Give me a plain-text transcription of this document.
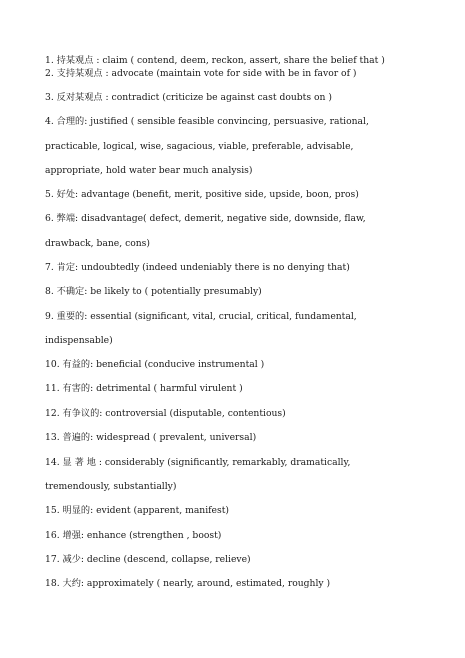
1. 持某观点 : claim ( contend, deem, reckon, assert, share the belief that )
2. 支持某观点 : advocate (maintain vote for side with be in favor of )
3. 反对某观点 : contradict (criticize be against cast doubts on )
4. 合理的: justified ( sensible feasible convincing, persuasive, rational,
practicable, logical, wise, sagacious, viable, preferable, advisable,
appropriate, hold water bear much analysis)
5. 好处: advantage (benefit, merit, positive side, upside, boon, pros)
6. 弊端: disadvantage( defect, demerit, negative side, downside, flaw,
drawback, bane, cons)
7. 肯定: undoubtedly (indeed undeniably there is no denying that)
8. 不确定: be likely to ( potentially presumably)
9. 重要的: essential (significant, vital, crucial, critical, fundamental,
indispensable)
10. 有益的: beneficial (conducive instrumental )
11. 有害的: detrimental ( harmful virulent )
12. 有争议的: controversial (disputable, contentious)
13. 普遍的: widespread ( prevalent, universal)
14. 显 著 地 : considerably (significantly, remarkably, dramatically,
tremendously, substantially)
15. 明显的: evident (apparent, manifest)
16. 增强: enhance (strengthen , boost)
17. 减少: decline (descend, collapse, relieve)
18. 大约: approximately ( nearly, around, estimated, roughly )
